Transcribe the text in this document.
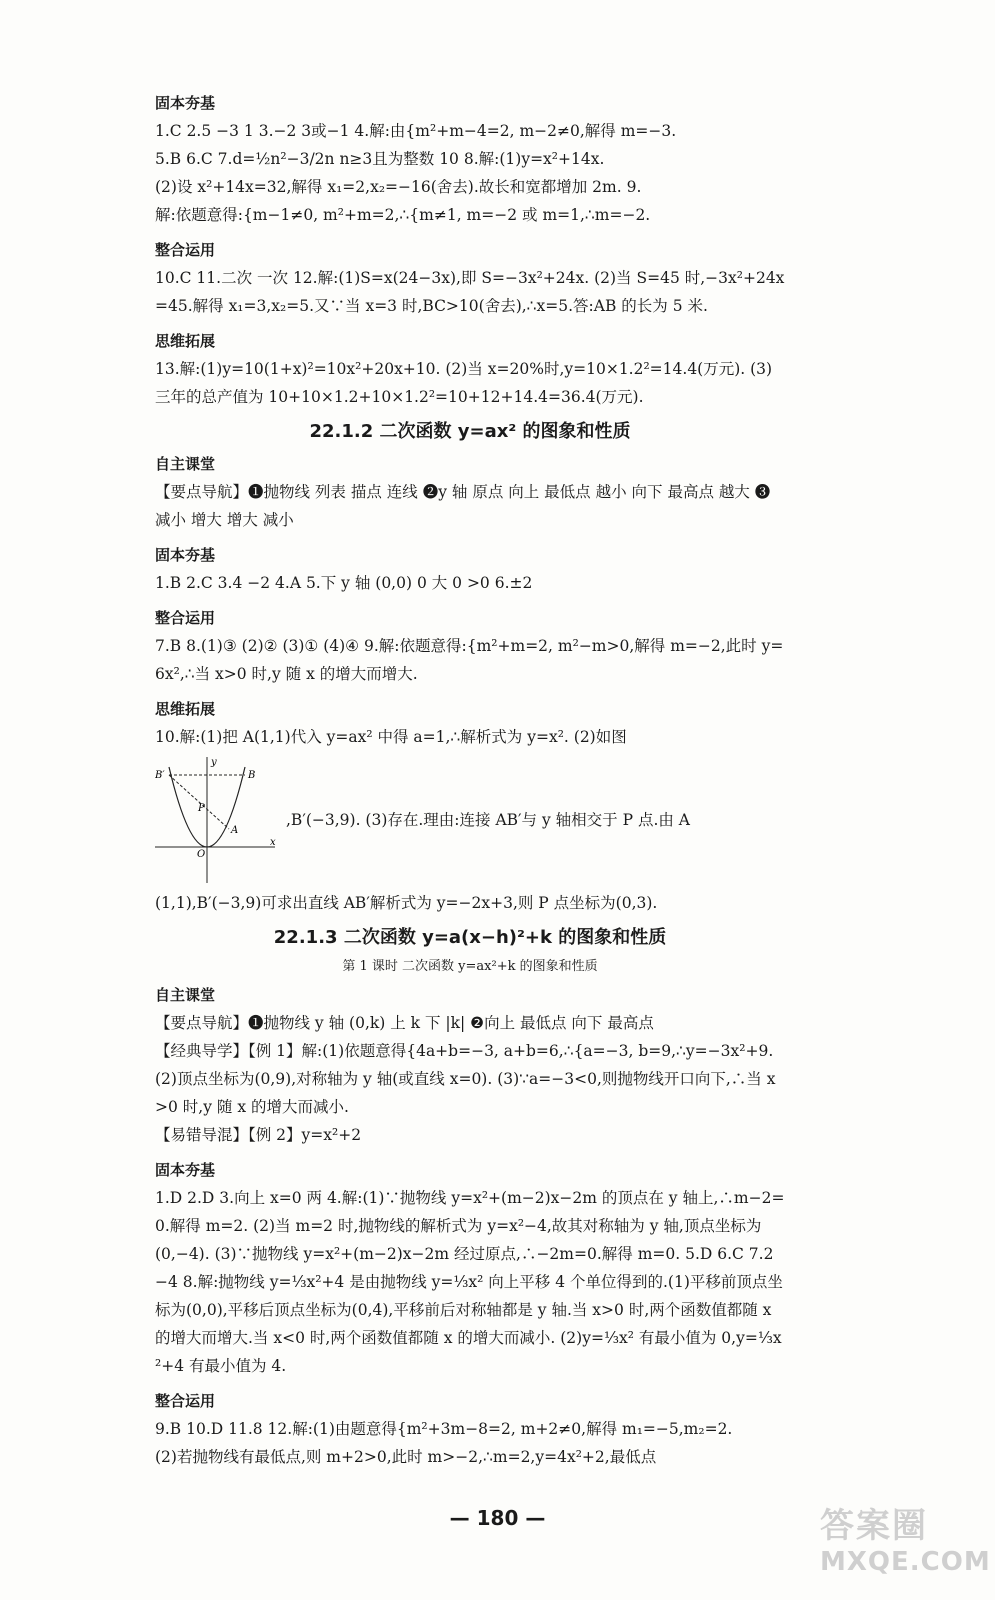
固本夯基

1.C 2.5 −3 1 3.−2 3或−1 4.解:由{m²+m−4=2, m−2≠0,解得 m=−3.

5.B 6.C 7.d=½n²−3/2n n≥3且为整数 10 8.解:(1)y=x²+14x.

(2)设 x²+14x=32,解得 x₁=2,x₂=−16(舍去).故长和宽都增加 2m. 9.

解:依题意得:{m−1≠0, m²+m=2,∴{m≠1, m=−2 或 m=1,∴m=−2.

整合运用

10.C 11.二次 一次 12.解:(1)S=x(24−3x),即 S=−3x²+24x. (2)当 S=45 时,−3x²+24x=45.解得 x₁=3,x₂=5.又∵当 x=3 时,BC>10(舍去),∴x=5.答:AB 的长为 5 米.

思维拓展

13.解:(1)y=10(1+x)²=10x²+20x+10. (2)当 x=20%时,y=10×1.2²=14.4(万元). (3)三年的总产值为 10+10×1.2+10×1.2²=10+12+14.4=36.4(万元).

22.1.2 二次函数 y=ax² 的图象和性质
自主课堂

【要点导航】❶抛物线 列表 描点 连线 ❷y 轴 原点 向上 最低点 越小 向下 最高点 越大 ❸减小 增大 增大 减小

固本夯基

1.B 2.C 3.4 −2 4.A 5.下 y 轴 (0,0) 0 大 0 >0 6.±2

整合运用

7.B 8.(1)③ (2)② (3)① (4)④ 9.解:依题意得:{m²+m=2, m²−m>0,解得 m=−2,此时 y=6x²,∴当 x>0 时,y 随 x 的增大而增大.

思维拓展

10.解:(1)把 A(1,1)代入 y=ax² 中得 a=1,∴解析式为 y=x². (2)如图

y
B′	B
P
A
O
x

,B′(−3,9). (3)存在.理由:连接 AB′与 y 轴相交于 P 点.由 A

(1,1),B′(−3,9)可求出直线 AB′解析式为 y=−2x+3,则 P 点坐标为(0,3).

22.1.3 二次函数 y=a(x−h)²+k 的图象和性质

第 1 课时 二次函数 y=ax²+k 的图象和性质

自主课堂

【要点导航】❶抛物线 y 轴 (0,k) 上 k 下 |k| ❷向上 最低点 向下 最高点

【经典导学】【例 1】解:(1)依题意得{4a+b=−3, a+b=6,∴{a=−3, b=9,∴y=−3x²+9.

(2)顶点坐标为(0,9),对称轴为 y 轴(或直线 x=0). (3)∵a=−3<0,则抛物线开口向下,∴当 x>0 时,y 随 x 的增大而减小.

【易错导混】【例 2】y=x²+2

固本夯基

1.D 2.D 3.向上 x=0 两 4.解:(1)∵抛物线 y=x²+(m−2)x−2m 的顶点在 y 轴上,∴m−2=0.解得 m=2. (2)当 m=2 时,抛物线的解析式为 y=x²−4,故其对称轴为 y 轴,顶点坐标为(0,−4). (3)∵抛物线 y=x²+(m−2)x−2m 经过原点,∴−2m=0.解得 m=0. 5.D 6.C 7.2 −4 8.解:抛物线 y=⅓x²+4 是由抛物线 y=⅓x² 向上平移 4 个单位得到的.(1)平移前顶点坐标为(0,0),平移后顶点坐标为(0,4),平移前后对称轴都是 y 轴.当 x>0 时,两个函数值都随 x 的增大而增大.当 x<0 时,两个函数值都随 x 的增大而减小. (2)y=⅓x² 有最小值为 0,y=⅓x²+4 有最小值为 4.

整合运用

9.B 10.D 11.8 12.解:(1)由题意得{m²+3m−8=2, m+2≠0,解得 m₁=−5,m₂=2.

(2)若抛物线有最低点,则 m+2>0,此时 m>−2,∴m=2,y=4x²+2,最低点

— 180 —	答案圈
MXQE.COM
